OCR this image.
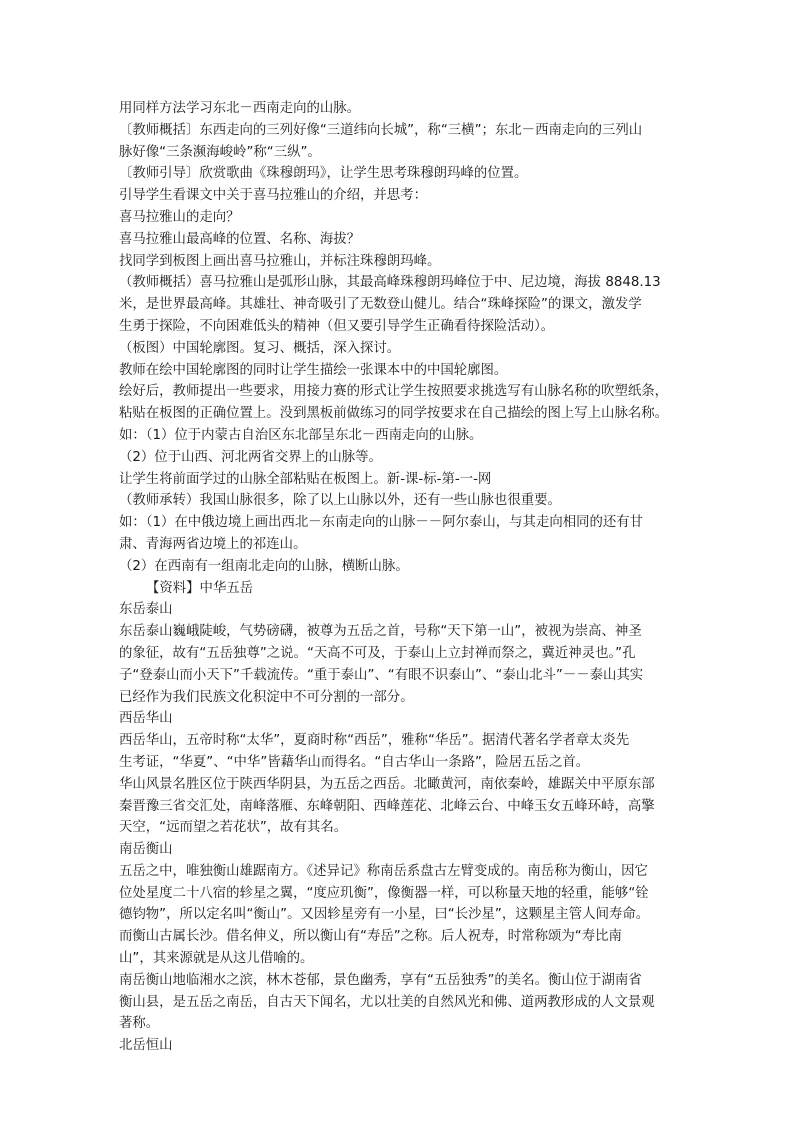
用同样方法学习东北－西南走向的山脉。
〔教师概括〕东西走向的三列好像“三道纬向长城”，称“三横”；东北－西南走向的三列山
脉好像“三条濒海峻岭”称“三纵”。
〔教师引导〕欣赏歌曲《珠穆朗玛》，让学生思考珠穆朗玛峰的位置。
引导学生看课文中关于喜马拉雅山的介绍，并思考：
喜马拉雅山的走向？
喜马拉雅山最高峰的位置、名称、海拔？
找同学到板图上画出喜马拉雅山，并标注珠穆朗玛峰。
（教师概括）喜马拉雅山是弧形山脉，其最高峰珠穆朗玛峰位于中、尼边境，海拔 8848.13
米，是世界最高峰。其雄壮、神奇吸引了无数登山健儿。结合“珠峰探险”的课文，激发学
生勇于探险，不向困难低头的精神（但又要引导学生正确看待探险活动）。
（板图）中国轮廓图。复习、概括，深入探讨。
教师在绘中国轮廓图的同时让学生描绘一张课本中的中国轮廓图。
绘好后，教师提出一些要求，用接力赛的形式让学生按照要求挑选写有山脉名称的吹塑纸条，
粘贴在板图的正确位置上。没到黑板前做练习的同学按要求在自己描绘的图上写上山脉名称。
如：（1）位于内蒙古自治区东北部呈东北－西南走向的山脉。
（2）位于山西、河北两省交界上的山脉等。
让学生将前面学过的山脉全部粘贴在板图上。新-课-标-第-一-网
（教师承转）我国山脉很多，除了以上山脉以外，还有一些山脉也很重要。
如：（1）在中俄边境上画出西北－东南走向的山脉－－阿尔泰山，与其走向相同的还有甘
肃、青海两省边境上的祁连山。
（2）在西南有一组南北走向的山脉，横断山脉。
【资料】中华五岳
东岳泰山
东岳泰山巍峨陡峻，气势磅礴，被尊为五岳之首，号称“天下第一山”，被视为崇高、神圣
的象征，故有“五岳独尊”之说。“天高不可及，于泰山上立封禅而祭之，冀近神灵也。”孔
子“登泰山而小天下”千载流传。“重于泰山”、“有眼不识泰山”、“泰山北斗”－－泰山其实
已经作为我们民族文化积淀中不可分割的一部分。
西岳华山
西岳华山，五帝时称“太华”，夏商时称“西岳”，雅称“华岳”。据清代著名学者章太炎先
生考证，“华夏”、“中华”皆藉华山而得名。“自古华山一条路”，险居五岳之首。
华山风景名胜区位于陕西华阴县，为五岳之西岳。北瞰黄河，南依秦岭，雄踞关中平原东部
秦晋豫三省交汇处，南峰落雁、东峰朝阳、西峰莲花、北峰云台、中峰玉女五峰环峙，高擎
天空，“远而望之若花状”，故有其名。
南岳衡山
五岳之中，唯独衡山雄踞南方。《述异记》称南岳系盘古左臂变成的。南岳称为衡山，因它
位处星度二十八宿的轸星之翼，“度应玑衡”，像衡器一样，可以称量天地的轻重，能够“铨
德钧物”，所以定名叫“衡山”。又因轸星旁有一小星，曰“长沙星”，这颗星主管人间寿命。
而衡山古属长沙。借名伸义，所以衡山有“寿岳”之称。后人祝寿，时常称颂为“寿比南
山”，其来源就是从这儿借喻的。
南岳衡山地临湘水之滨，林木苍郁，景色幽秀，享有“五岳独秀”的美名。衡山位于湖南省
衡山县，是五岳之南岳，自古天下闻名，尤以壮美的自然风光和佛、道两教形成的人文景观
著称。
北岳恒山
